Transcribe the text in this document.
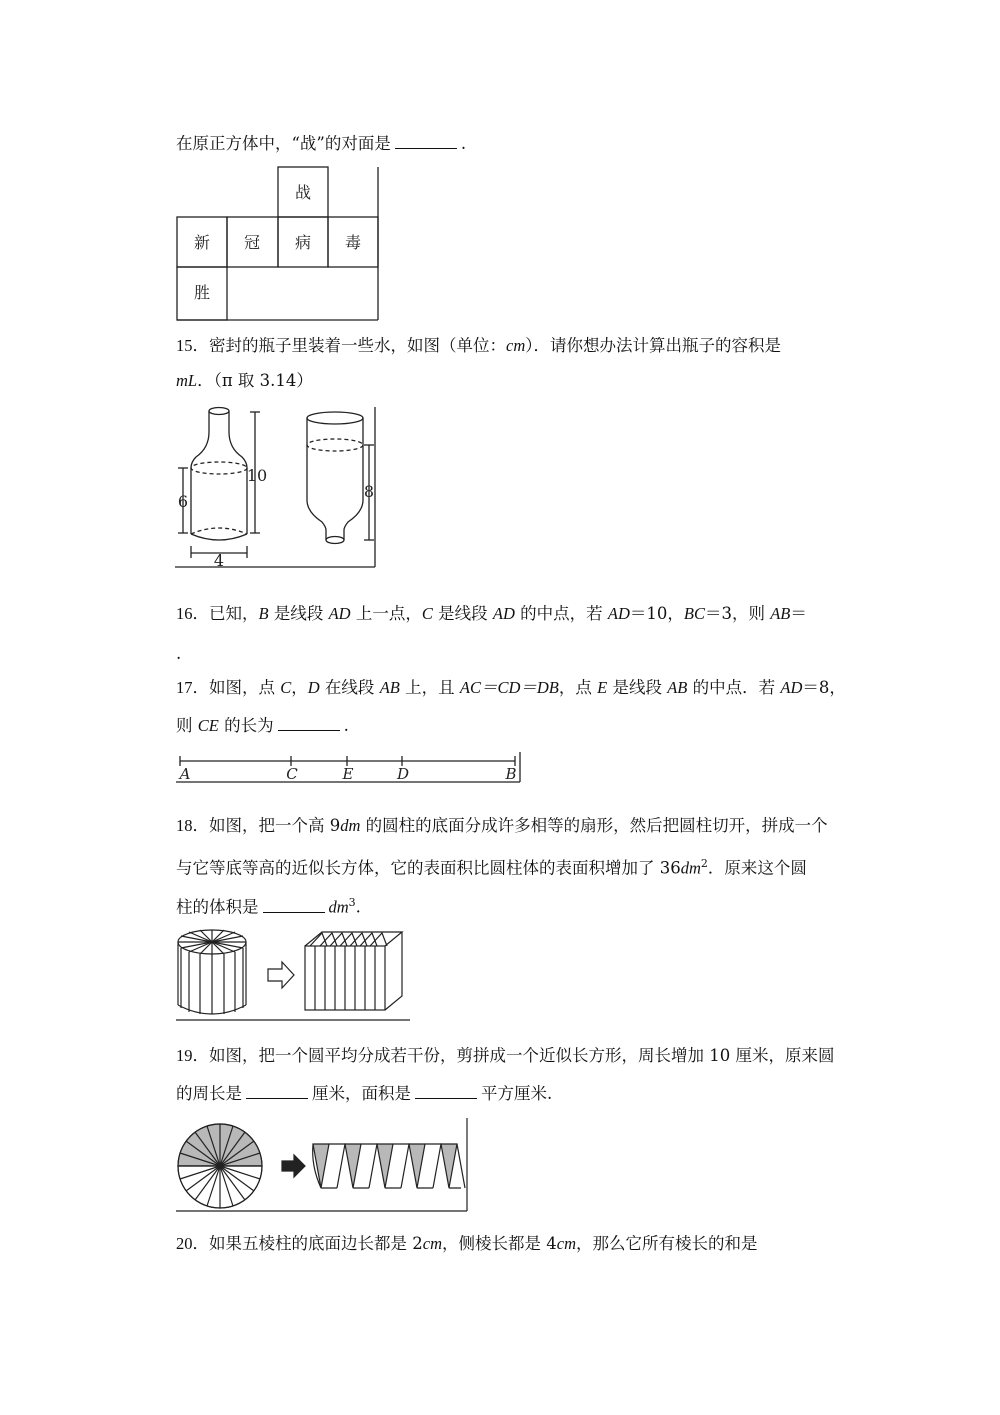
在原正方体中，“战”的对面是	.
战
新 冠 病 毒
胜
15．密封的瓶子里装着一些水，如图（单位：cm）．请你想办法计算出瓶子的容积是
mL．（π 取 3.14）
10
6
4
8
16．已知，B 是线段 AD 上一点，C 是线段 AD 的中点，若 AD＝10，BC＝3，则 AB＝
.
17．如图，点 C，D 在线段 AB 上，且 AC＝CD＝DB，点 E 是线段 AB 的中点．若 AD＝8，
则 CE 的长为	.
A	C	E	D	B
18．如图，把一个高 9dm 的圆柱的底面分成许多相等的扇形，然后把圆柱切开，拼成一个
与它等底等高的近似长方体，它的表面积比圆柱体的表面积增加了 $36dm^2$．原来这个圆
柱的体积是	$dm^3$.
19．如图，把一个圆平均分成若干份，剪拼成一个近似长方形，周长增加 10 厘米，原来圆
的周长是	厘米，面积是	平方厘米.
20．如果五棱柱的底面边长都是 2cm，侧棱长都是 4cm，那么它所有棱长的和是
